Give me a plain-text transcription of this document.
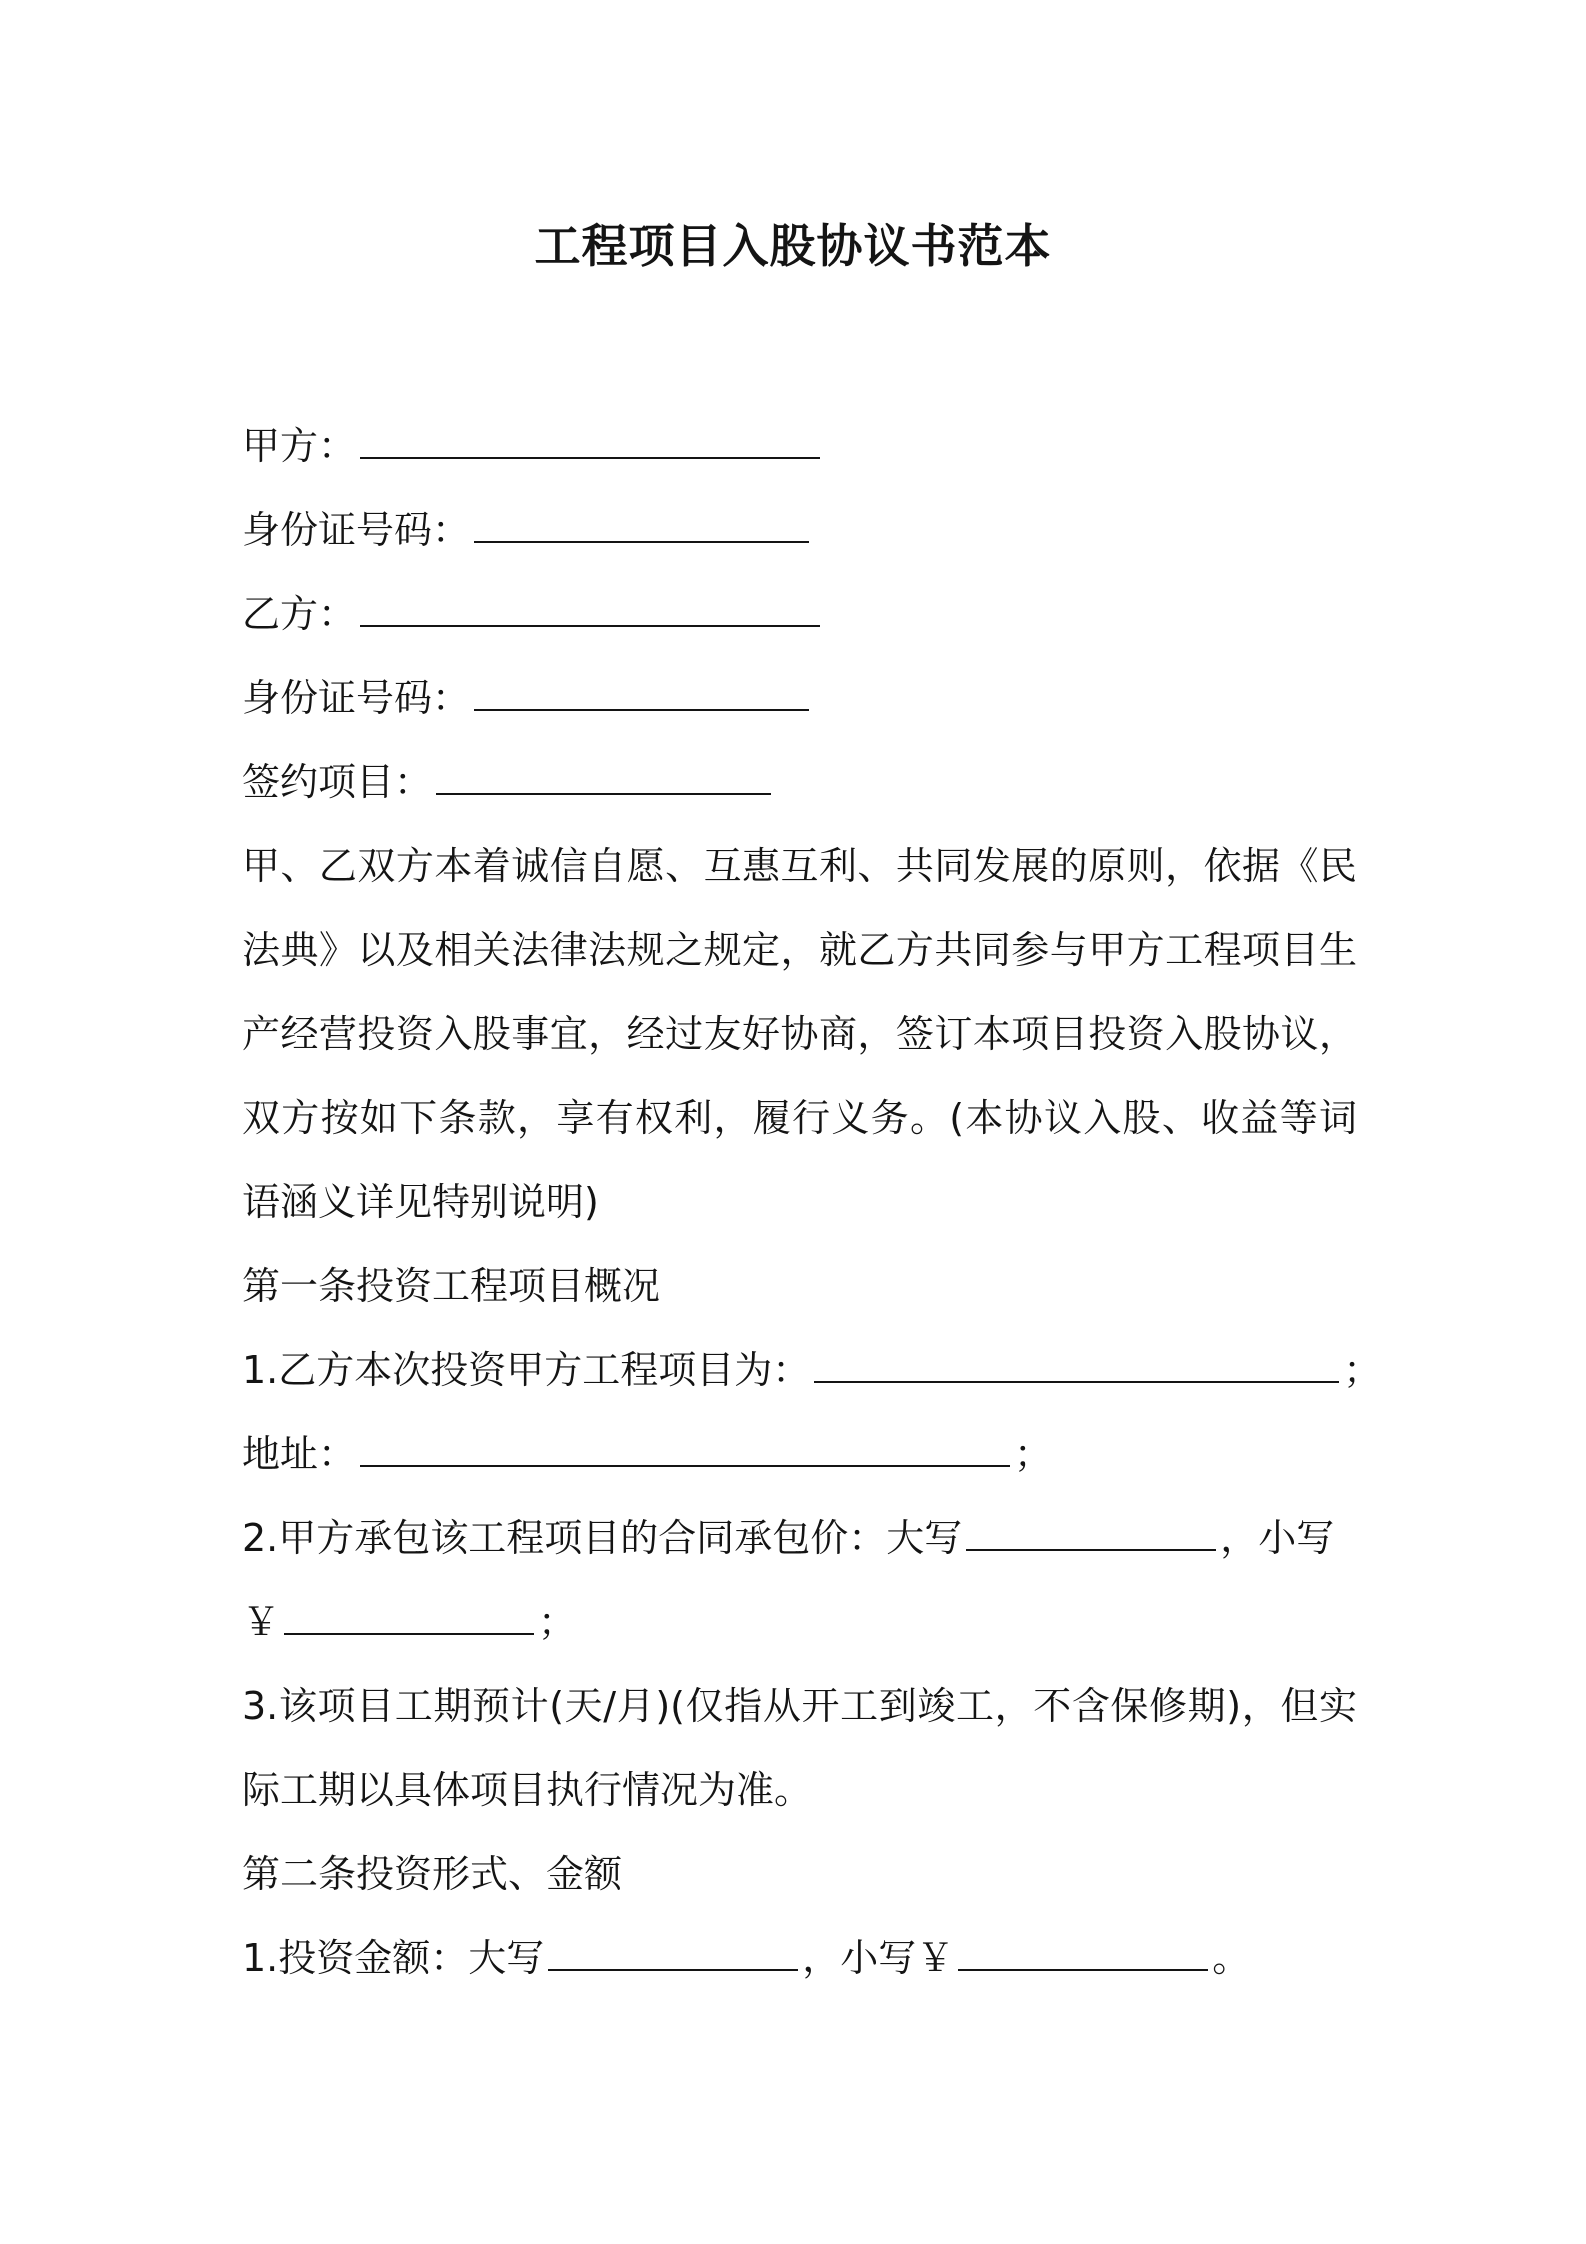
工程项目入股协议书范本

甲方：

身份证号码：

乙方：

身份证号码：

签约项目：

甲、乙双方本着诚信自愿、互惠互利、共同发展的原则，依据《民法典》以及相关法律法规之规定，就乙方共同参与甲方工程项目生产经营投资入股事宜，经过友好协商，签订本项目投资入股协议，双方按如下条款，享有权利，履行义务。(本协议入股、收益等词语涵义详见特别说明)

第一条投资工程项目概况

1.乙方本次投资甲方工程项目为：	；

地址：	；

2.甲方承包该工程项目的合同承包价：大写	，小写

￥	；

3.该项目工期预计(天/月)(仅指从开工到竣工，不含保修期)，但实际工期以具体项目执行情况为准。

第二条投资形式、金额

1.投资金额：大写	，小写￥	。
